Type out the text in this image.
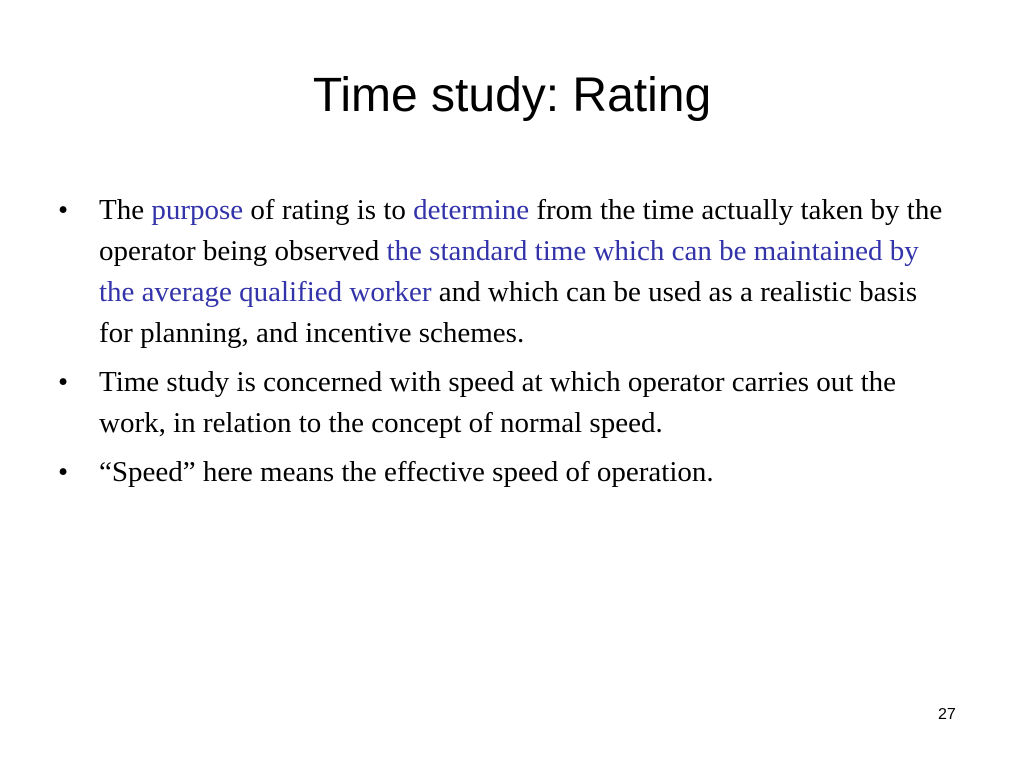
Time study: Rating
•	The purpose of rating is to determine from the time actually taken by the operator being observed the standard time which can be maintained by the average qualified worker and which can be used as a realistic basis for planning, and incentive schemes.
•	Time study is concerned with speed at which operator carries out the work, in relation to the concept of normal speed.
•	“Speed” here means the effective speed of operation.
27
